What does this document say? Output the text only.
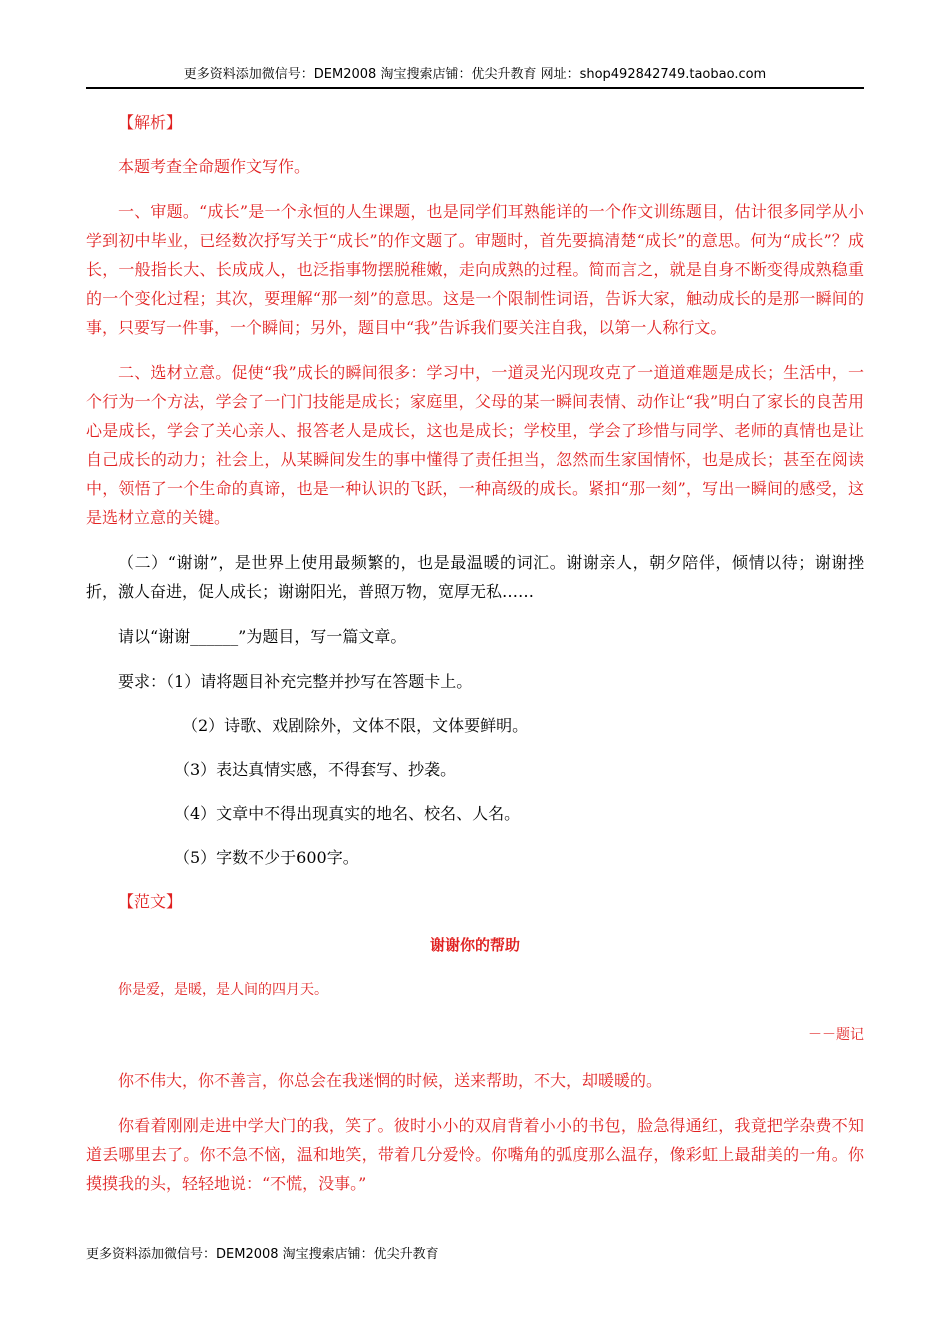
更多资料添加微信号：DEM2008 淘宝搜索店铺：优尖升教育 网址：shop492842749.taobao.com

【解析】

本题考查全命题作文写作。

一、审题。“成长”是一个永恒的人生课题，也是同学们耳熟能详的一个作文训练题目，估计很多同学从小学到初中毕业，已经数次抒写关于“成长”的作文题了。审题时，首先要搞清楚“成长”的意思。何为“成长”？成长，一般指长大、长成成人，也泛指事物摆脱稚嫩，走向成熟的过程。简而言之，就是自身不断变得成熟稳重的一个变化过程；其次，要理解“那一刻”的意思。这是一个限制性词语，告诉大家，触动成长的是那一瞬间的事，只要写一件事，一个瞬间；另外，题目中“我”告诉我们要关注自我，以第一人称行文。

二、选材立意。促使“我”成长的瞬间很多：学习中，一道灵光闪现攻克了一道道难题是成长；生活中，一个行为一个方法，学会了一门门技能是成长；家庭里，父母的某一瞬间表情、动作让“我”明白了家长的良苦用心是成长，学会了关心亲人、报答老人是成长，这也是成长；学校里，学会了珍惜与同学、老师的真情也是让自己成长的动力；社会上，从某瞬间发生的事中懂得了责任担当，忽然而生家国情怀，也是成长；甚至在阅读中，领悟了一个生命的真谛，也是一种认识的飞跃，一种高级的成长。紧扣“那一刻”，写出一瞬间的感受，这是选材立意的关键。

（二）“谢谢”，是世界上使用最频繁的，也是最温暖的词汇。谢谢亲人，朝夕陪伴，倾情以待；谢谢挫折，激人奋进，促人成长；谢谢阳光，普照万物，宽厚无私……

请以“谢谢______”为题目，写一篇文章。

要求：（1）请将题目补充完整并抄写在答题卡上。

（2）诗歌、戏剧除外，文体不限，文体要鲜明。

（3）表达真情实感，不得套写、抄袭。

（4）文章中不得出现真实的地名、校名、人名。

（5）字数不少于600字。

【范文】

谢谢你的帮助

你是爱，是暖，是人间的四月天。

－－题记

你不伟大，你不善言，你总会在我迷惘的时候，送来帮助，不大，却暖暖的。

你看着刚刚走进中学大门的我，笑了。彼时小小的双肩背着小小的书包，脸急得通红，我竟把学杂费不知道丢哪里去了。你不急不恼，温和地笑，带着几分爱怜。你嘴角的弧度那么温存，像彩虹上最甜美的一角。你摸摸我的头，轻轻地说：“不慌，没事。”

更多资料添加微信号：DEM2008 淘宝搜索店铺：优尖升教育
